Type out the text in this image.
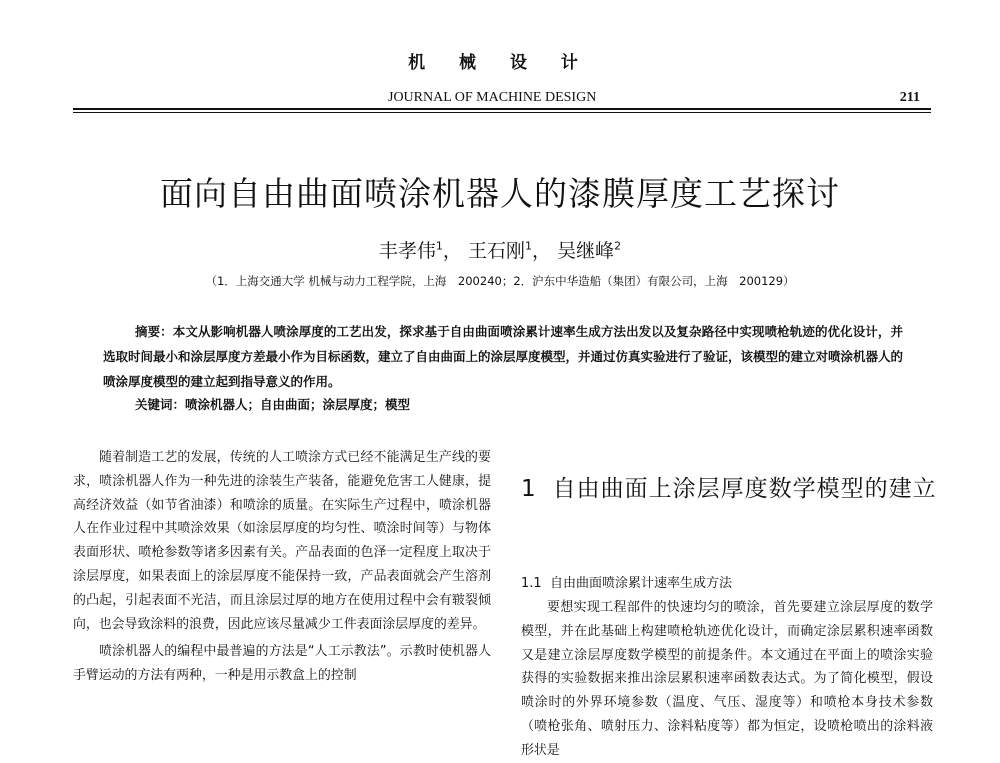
机 械 设 计
JOURNAL OF MACHINE DESIGN	211
面向自由曲面喷涂机器人的漆膜厚度工艺探讨
丰孝伟$^1$， 王石刚$^1$， 吴继峰$^2$
（1．上海交通大学 机械与动力工程学院，上海　200240；2．沪东中华造船（集团）有限公司，上海　200129）
摘要：本文从影响机器人喷涂厚度的工艺出发，探求基于自由曲面喷涂累计速率生成方法出发以及复杂路径中实现喷枪轨迹的优化设计，并选取时间最小和涂层厚度方差最小作为目标函数，建立了自由曲面上的涂层厚度模型，并通过仿真实验进行了验证，该模型的建立对喷涂机器人的喷涂厚度模型的建立起到指导意义的作用。
关键词：喷涂机器人；自由曲面；涂层厚度；模型

随着制造工艺的发展，传统的人工喷涂方式已经不能满足生产线的要求，喷涂机器人作为一种先进的涂装生产装备，能避免危害工人健康，提高经济效益（如节省油漆）和喷涂的质量。在实际生产过程中，喷涂机器人在作业过程中其喷涂效果（如涂层厚度的均匀性、喷涂时间等）与物体表面形状、喷枪参数等诸多因素有关。产品表面的色泽一定程度上取决于涂层厚度，如果表面上的涂层厚度不能保持一致，产品表面就会产生溶剂的凸起，引起表面不光洁，而且涂层过厚的地方在使用过程中会有皲裂倾向，也会导致涂料的浪费，因此应该尽量减少工件表面涂层厚度的差异。

喷涂机器人的编程中最普遍的方法是“人工示教法”。示教时使机器人手臂运动的方法有两种，一种是用示教盒上的控制

1 自由曲面上涂层厚度数学模型的建立
1.1 自由曲面喷涂累计速率生成方法

要想实现工程部件的快速均匀的喷涂，首先要建立涂层厚度的数学模型，并在此基础上构建喷枪轨迹优化设计，而确定涂层累积速率函数又是建立涂层厚度数学模型的前提条件。本文通过在平面上的喷涂实验获得的实验数据来推出涂层累积速率函数表达式。为了简化模型，假设喷涂时的外界环境参数（温度、气压、湿度等）和喷枪本身技术参数（喷枪张角、喷射压力、涂料粘度等）都为恒定，设喷枪喷出的涂料液形状是
